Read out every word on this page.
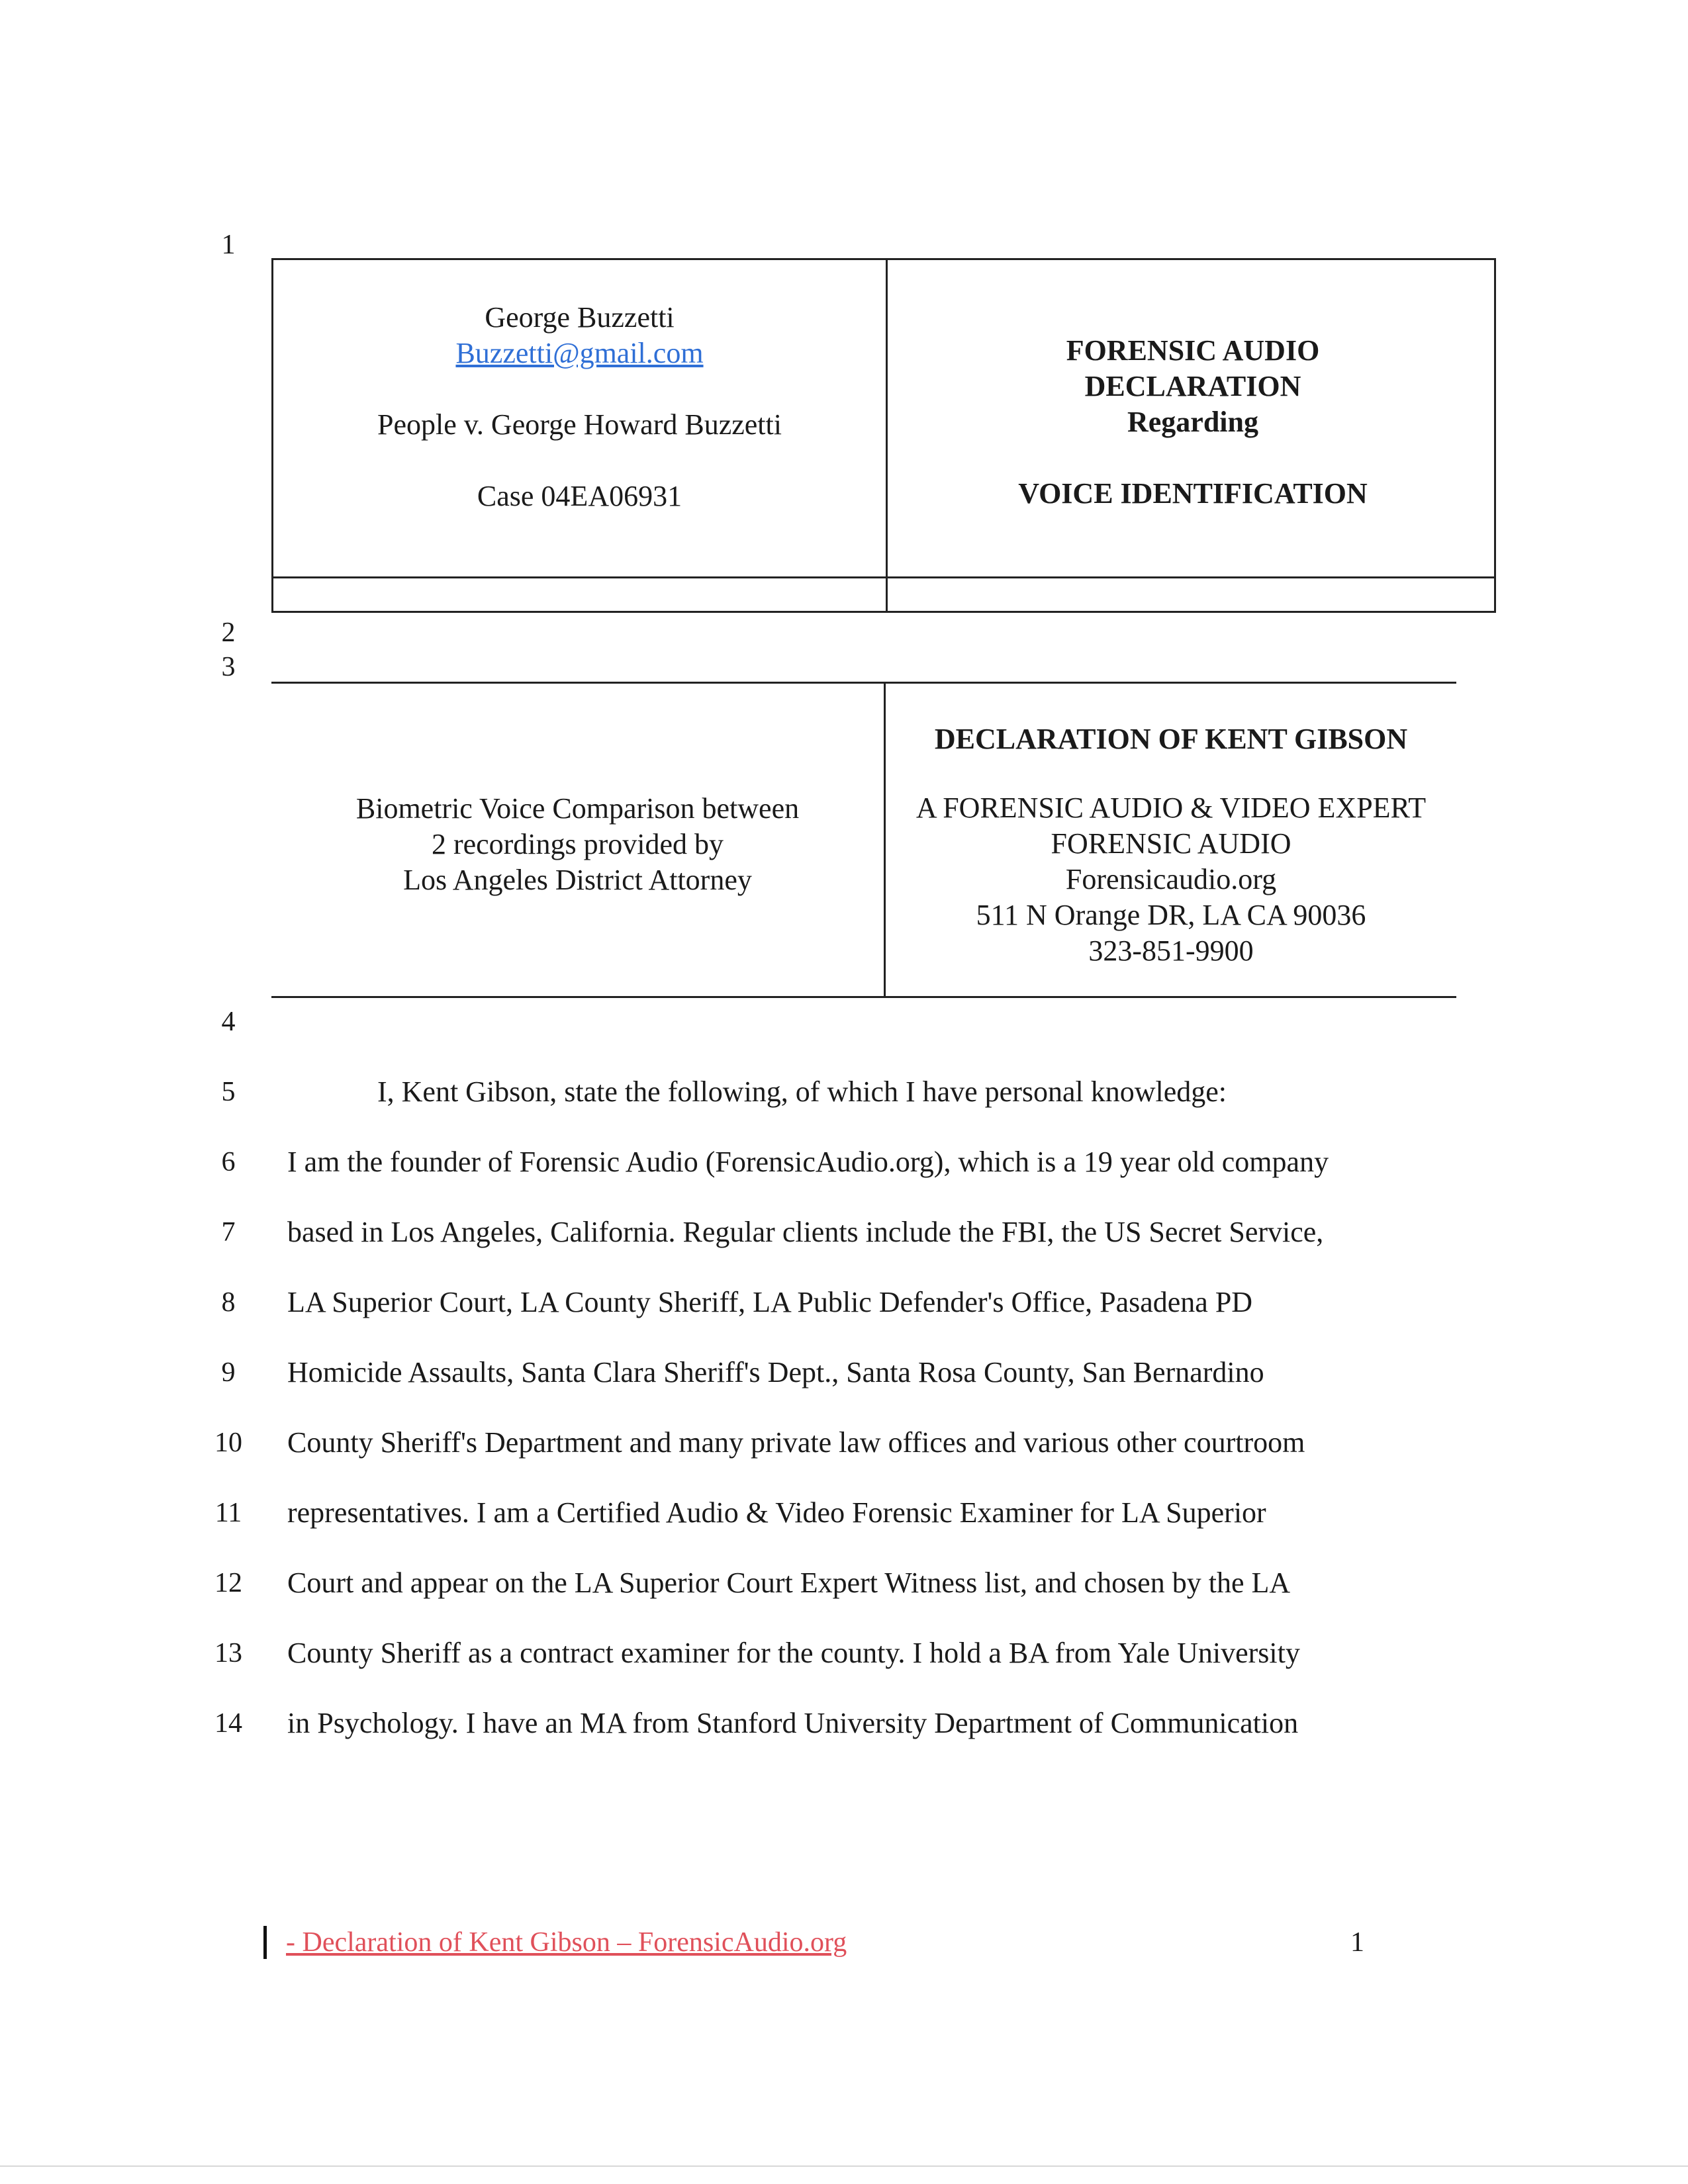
1
2
3
4
5
6
7
8
9
10
11
12
13
14
George Buzzetti
Buzzetti@gmail.com
People v. George Howard Buzzetti
Case 04EA06931
FORENSIC AUDIO
DECLARATION
Regarding
VOICE IDENTIFICATION
Biometric Voice Comparison between
2 recordings provided by
Los Angeles District Attorney
DECLARATION OF KENT GIBSON
A FORENSIC AUDIO & VIDEO EXPERT
FORENSIC AUDIO
Forensicaudio.org
511 N Orange DR, LA CA 90036
323-851-9900
I, Kent Gibson, state the following, of which I have personal knowledge:
I am the founder of Forensic Audio (ForensicAudio.org), which is a 19 year old company
based in Los Angeles, California. Regular clients include the FBI, the US Secret Service,
LA Superior Court, LA County Sheriff, LA Public Defender's Office, Pasadena PD
Homicide Assaults, Santa Clara Sheriff's Dept., Santa Rosa County, San Bernardino
County Sheriff's Department and many private law offices and various other courtroom
representatives. I am a Certified Audio & Video Forensic Examiner for LA Superior
Court and appear on the LA Superior Court Expert Witness list, and chosen by the LA
County Sheriff as a contract examiner for the county. I hold a BA from Yale University
in Psychology. I have an MA from Stanford University Department of Communication
- Declaration of Kent Gibson – ForensicAudio.org	1
